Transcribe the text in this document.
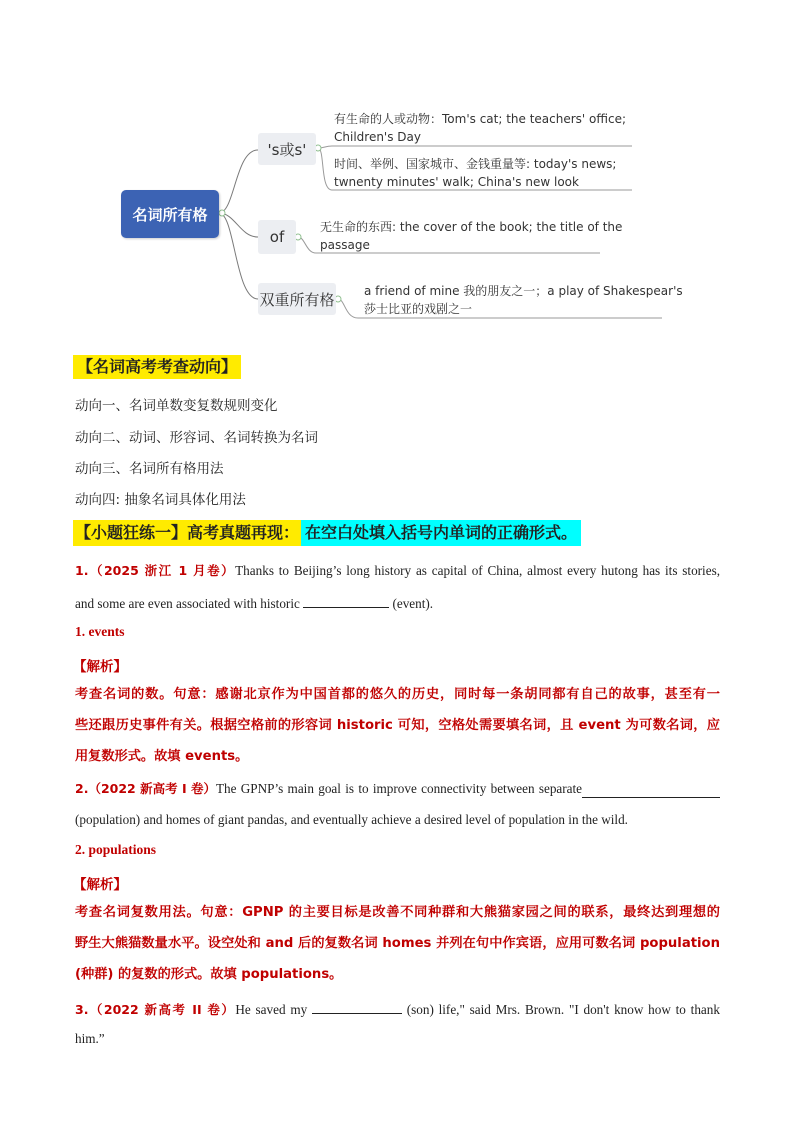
名词所有格
's或s'
of
双重所有格
有生命的人或动物：Tom's cat; the teachers' office;
Children's Day
时间、举例、国家城市、金钱重量等: today's news;
twnenty minutes' walk; China's new look
无生命的东西: the cover of the book; the title of the
passage
a friend of mine 我的朋友之一；a play of Shakespear's
莎士比亚的戏剧之一
【名词高考考查动向】
动向一、名词单数变复数规则变化
动向二、动词、形容词、名词转换为名词
动向三、名词所有格用法
动向四: 抽象名词具体化用法
【小题狂练一】高考真题再现： 在空白处填入括号内单词的正确形式。
1.（2025 浙江 1 月卷）Thanks to Beijing’s long history as capital of China, almost every hutong has its stories,
and some are even associated with historic	(event).
1. events
【解析】
考查名词的数。句意：感谢北京作为中国首都的悠久的历史，同时每一条胡同都有自己的故事，甚至有一
些还跟历史事件有关。根据空格前的形容词 historic 可知，空格处需要填名词，且 event 为可数名词，应
用复数形式。故填 events。
2. （2022 新高考 I 卷） The GPNP’s main goal is to improve connectivity between separate
(population) and homes of giant pandas, and eventually achieve a desired level of population in the wild.
2. populations
【解析】
考查名词复数用法。句意：GPNP 的主要目标是改善不同种群和大熊猫家园之间的联系，最终达到理想的
野生大熊猫数量水平。设空处和 and 后的复数名词 homes 并列在句中作宾语，应用可数名词 population
(种群) 的复数的形式。故填 populations。
3.（2022 新高考 II 卷）He saved my	(son) life," said Mrs. Brown. "I don't know how to thank
him.”
